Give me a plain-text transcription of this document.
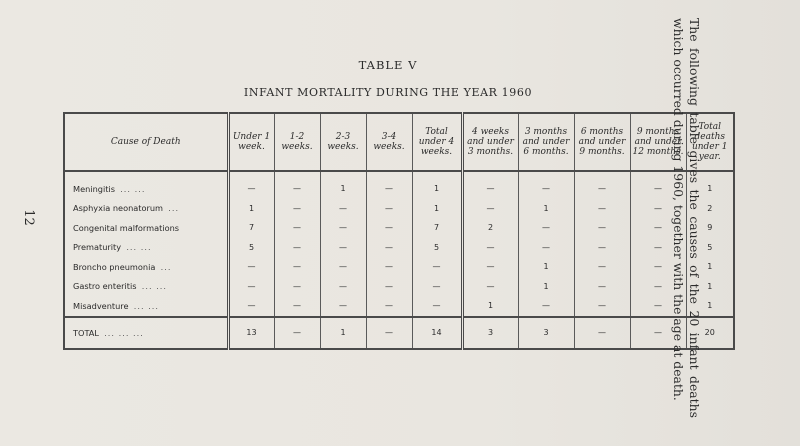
12
TABLE V
INFANT MORTALITY DURING THE YEAR 1960
Cause of Death	Under 1 week.	1-2 weeks.	2-3 weeks.	3-4 weeks.	Total under 4 weeks.	4 weeks and under 3 months.	3 months and under 6 months.	6 months and under 9 months.	9 months and under 12 months.	Total deaths under 1 year.

Meningitis ... ...	—	—	1	—	1	—	—	—	—	1
Asphyxia neonatorum ...	1	—	—	—	1	—	1	—	—	2
Congenital malformations	7	—	—	—	7	2	—	—	—	9
Prematurity ... ...	5	—	—	—	5	—	—	—	—	5
Broncho pneumonia ...	—	—	—	—	—	—	1	—	—	1
Gastro enteritis ... ...	—	—	—	—	—	—	1	—	—	1
Misadventure ... ...	—	—	—	—	—	1	—	—	—	1
TOTAL ... ... ...	13	—	1	—	14	3	3	—	—	20
The following table gives the causes of the 20 infant deaths which occurred during 1960, together with the age at death.
